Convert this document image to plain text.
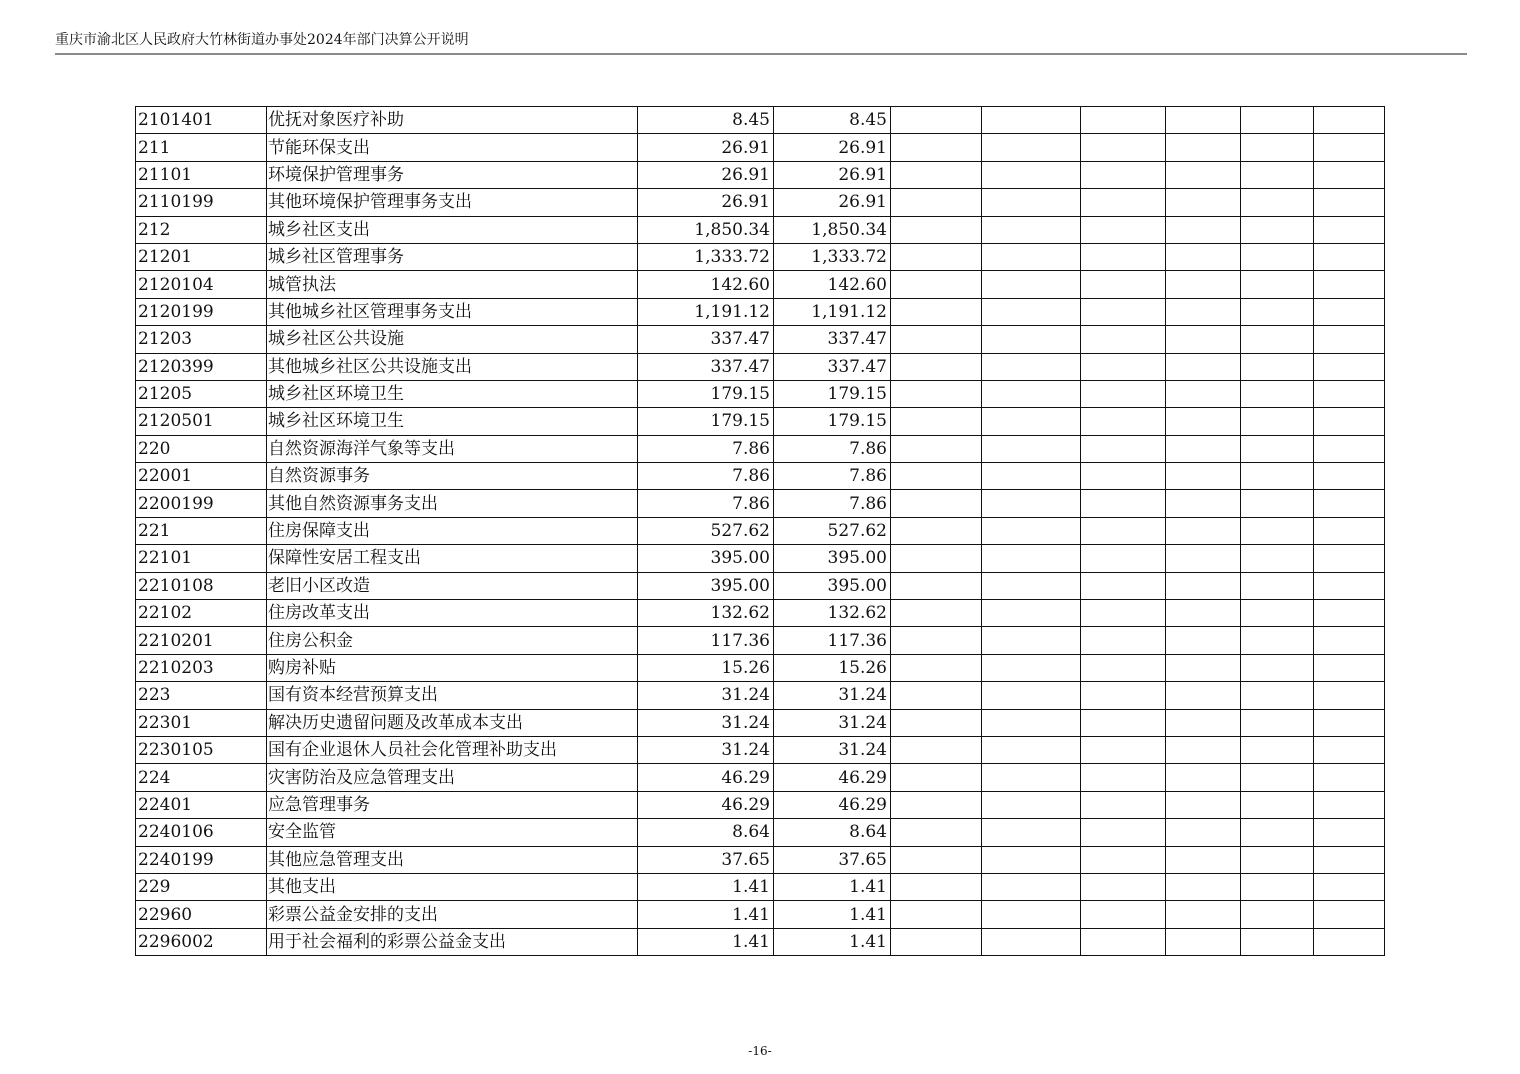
重庆市渝北区人民政府大竹林街道办事处2024年部门决算公开说明
2101401	优抚对象医疗补助	8.45	8.45						
211	节能环保支出	26.91	26.91						
21101	环境保护管理事务	26.91	26.91						
2110199	其他环境保护管理事务支出	26.91	26.91						
212	城乡社区支出	1,850.34	1,850.34						
21201	城乡社区管理事务	1,333.72	1,333.72						
2120104	城管执法	142.60	142.60						
2120199	其他城乡社区管理事务支出	1,191.12	1,191.12						
21203	城乡社区公共设施	337.47	337.47						
2120399	其他城乡社区公共设施支出	337.47	337.47						
21205	城乡社区环境卫生	179.15	179.15						
2120501	城乡社区环境卫生	179.15	179.15						
220	自然资源海洋气象等支出	7.86	7.86						
22001	自然资源事务	7.86	7.86						
2200199	其他自然资源事务支出	7.86	7.86						
221	住房保障支出	527.62	527.62						
22101	保障性安居工程支出	395.00	395.00						
2210108	老旧小区改造	395.00	395.00						
22102	住房改革支出	132.62	132.62						
2210201	住房公积金	117.36	117.36						
2210203	购房补贴	15.26	15.26						
223	国有资本经营预算支出	31.24	31.24						
22301	解决历史遗留问题及改革成本支出	31.24	31.24						
2230105	国有企业退休人员社会化管理补助支出	31.24	31.24						
224	灾害防治及应急管理支出	46.29	46.29						
22401	应急管理事务	46.29	46.29						
2240106	安全监管	8.64	8.64						
2240199	其他应急管理支出	37.65	37.65						
229	其他支出	1.41	1.41						
22960	彩票公益金安排的支出	1.41	1.41						
2296002	用于社会福利的彩票公益金支出	1.41	1.41						
-16-
